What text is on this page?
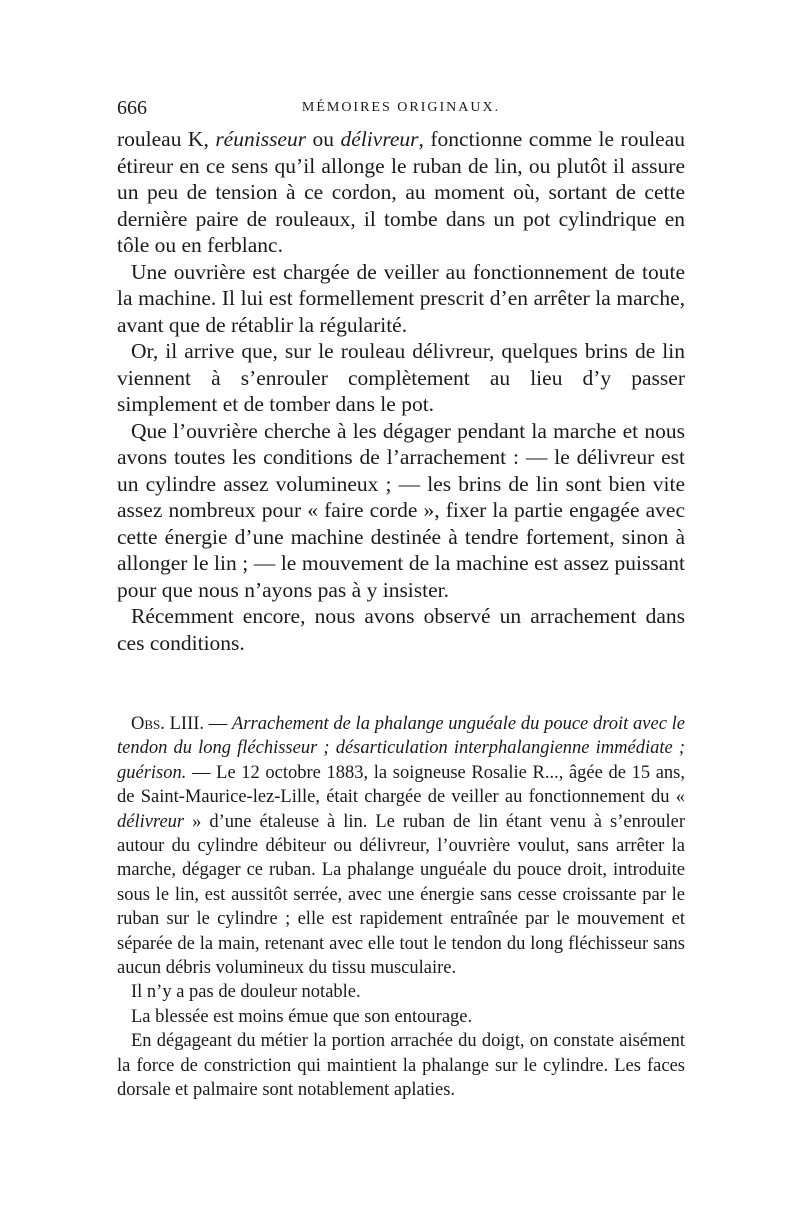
666	MÉMOIRES ORIGINAUX.

rouleau K, réunisseur ou délivreur, fonctionne comme le rouleau étireur en ce sens qu’il allonge le ruban de lin, ou plutôt il assure un peu de tension à ce cordon, au moment où, sortant de cette dernière paire de rouleaux, il tombe dans un pot cylindrique en tôle ou en ferblanc.

Une ouvrière est chargée de veiller au fonctionnement de toute la machine. Il lui est formellement prescrit d’en arrêter la marche, avant que de rétablir la régularité.

Or, il arrive que, sur le rouleau délivreur, quelques brins de lin viennent à s’enrouler complètement au lieu d’y passer simplement et de tomber dans le pot.

Que l’ouvrière cherche à les dégager pendant la marche et nous avons toutes les conditions de l’arrachement : — le délivreur est un cylindre assez volumineux ; — les brins de lin sont bien vite assez nombreux pour « faire corde », fixer la partie engagée avec cette énergie d’une machine destinée à tendre fortement, sinon à allonger le lin ; — le mouvement de la machine est assez puissant pour que nous n’ayons pas à y insister.

Récemment encore, nous avons observé un arrachement dans ces conditions.

Obs. LIII. — Arrachement de la phalange unguéale du pouce droit avec le tendon du long fléchisseur ; désarticulation interphalangienne immédiate ; guérison. — Le 12 octobre 1883, la soigneuse Rosalie R..., âgée de 15 ans, de Saint-Maurice-lez-Lille, était chargée de veiller au fonctionnement du « délivreur » d’une étaleuse à lin. Le ruban de lin étant venu à s’enrouler autour du cylindre débiteur ou délivreur, l’ouvrière voulut, sans arrêter la marche, dégager ce ruban. La phalange unguéale du pouce droit, introduite sous le lin, est aussitôt serrée, avec une énergie sans cesse croissante par le ruban sur le cylindre ; elle est rapidement entraînée par le mouvement et séparée de la main, retenant avec elle tout le tendon du long fléchisseur sans aucun débris volumineux du tissu musculaire.

Il n’y a pas de douleur notable.

La blessée est moins émue que son entourage.

En dégageant du métier la portion arrachée du doigt, on constate aisément la force de constriction qui maintient la phalange sur le cylindre. Les faces dorsale et palmaire sont notablement aplaties.
